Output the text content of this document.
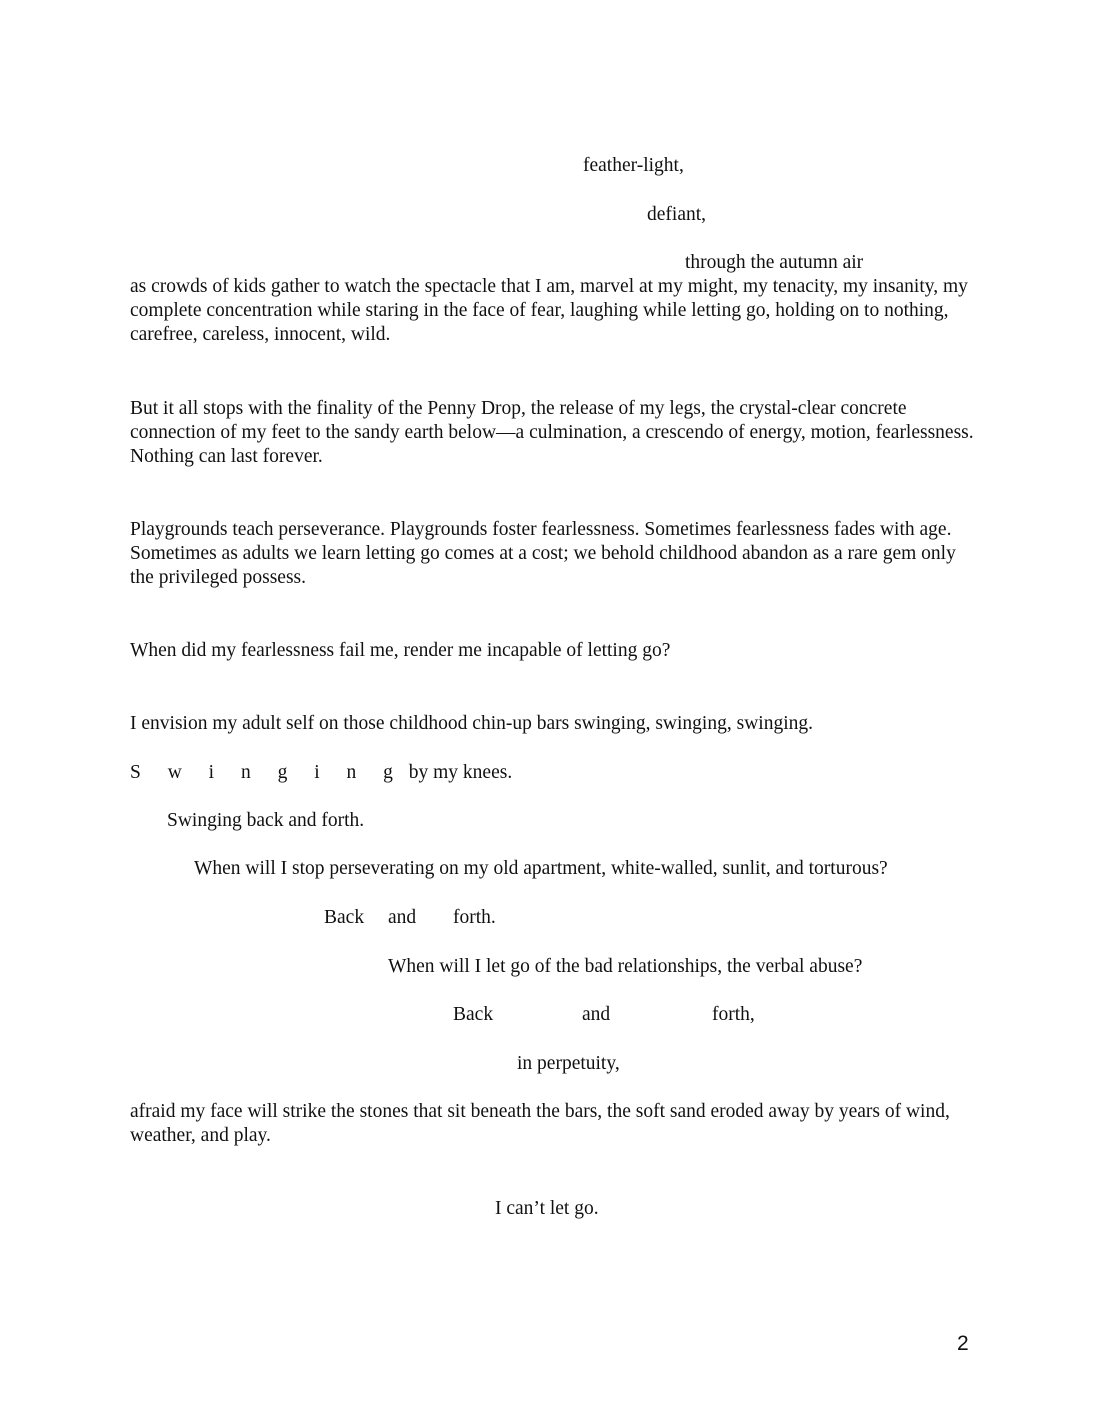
feather-light,

defiant,

through the autumn air

as crowds of kids gather to watch the spectacle that I am, marvel at my might, my tenacity, my insanity, my complete concentration while staring in the face of fear, laughing while letting go, holding on to nothing, carefree, careless, innocent, wild.

But it all stops with the finality of the Penny Drop, the release of my legs, the crystal-clear concrete connection of my feet to the sandy earth below—a culmination, a crescendo of energy, motion, fearlessness. Nothing can last forever.

Playgrounds teach perseverance. Playgrounds foster fearlessness. Sometimes fearlessness fades with age. Sometimes as adults we learn letting go comes at a cost; we behold childhood abandon as a rare gem only the privileged possess.

When did my fearlessness fail me, render me incapable of letting go?

I envision my adult self on those childhood chin-up bars swinging, swinging, swinging.

S w i n g i n g by my knees.

Swinging back and forth.

When will I stop perseverating on my old apartment, white-walled, sunlit, and torturous?

Back and forth.

When will I let go of the bad relationships, the verbal abuse?

Back	and	forth,

in perpetuity,

afraid my face will strike the stones that sit beneath the bars, the soft sand eroded away by years of wind, weather, and play.

I can’t let go.

2
